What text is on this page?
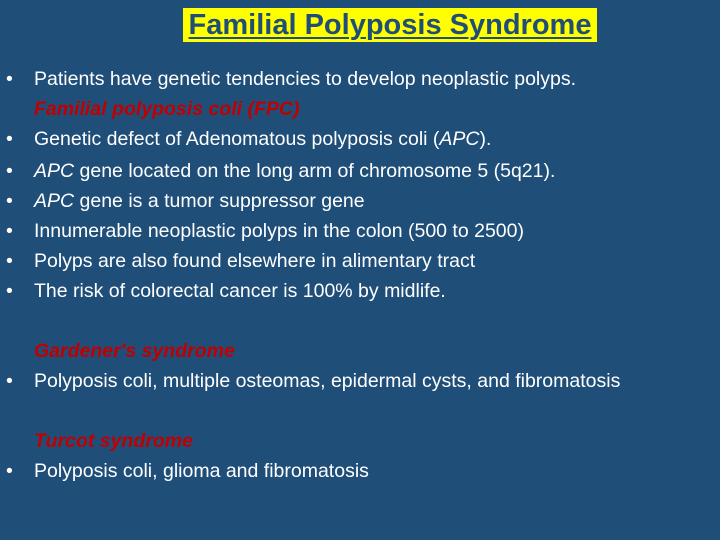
Familial Polyposis Syndrome
•	Patients have genetic tendencies to develop neoplastic polyps.
Familial polyposis coli (FPC)
•	Genetic defect of Adenomatous polyposis coli (APC).
•	APC gene located on the long arm of chromosome 5 (5q21).
•	APC gene is a tumor suppressor gene
•	Innumerable neoplastic polyps in the colon (500 to 2500)
•	Polyps are also found elsewhere in alimentary tract
•	The risk of colorectal cancer is 100% by midlife.
Gardener's syndrome
•	Polyposis coli, multiple osteomas, epidermal cysts, and fibromatosis
Turcot syndrome
•	Polyposis coli, glioma and fibromatosis
